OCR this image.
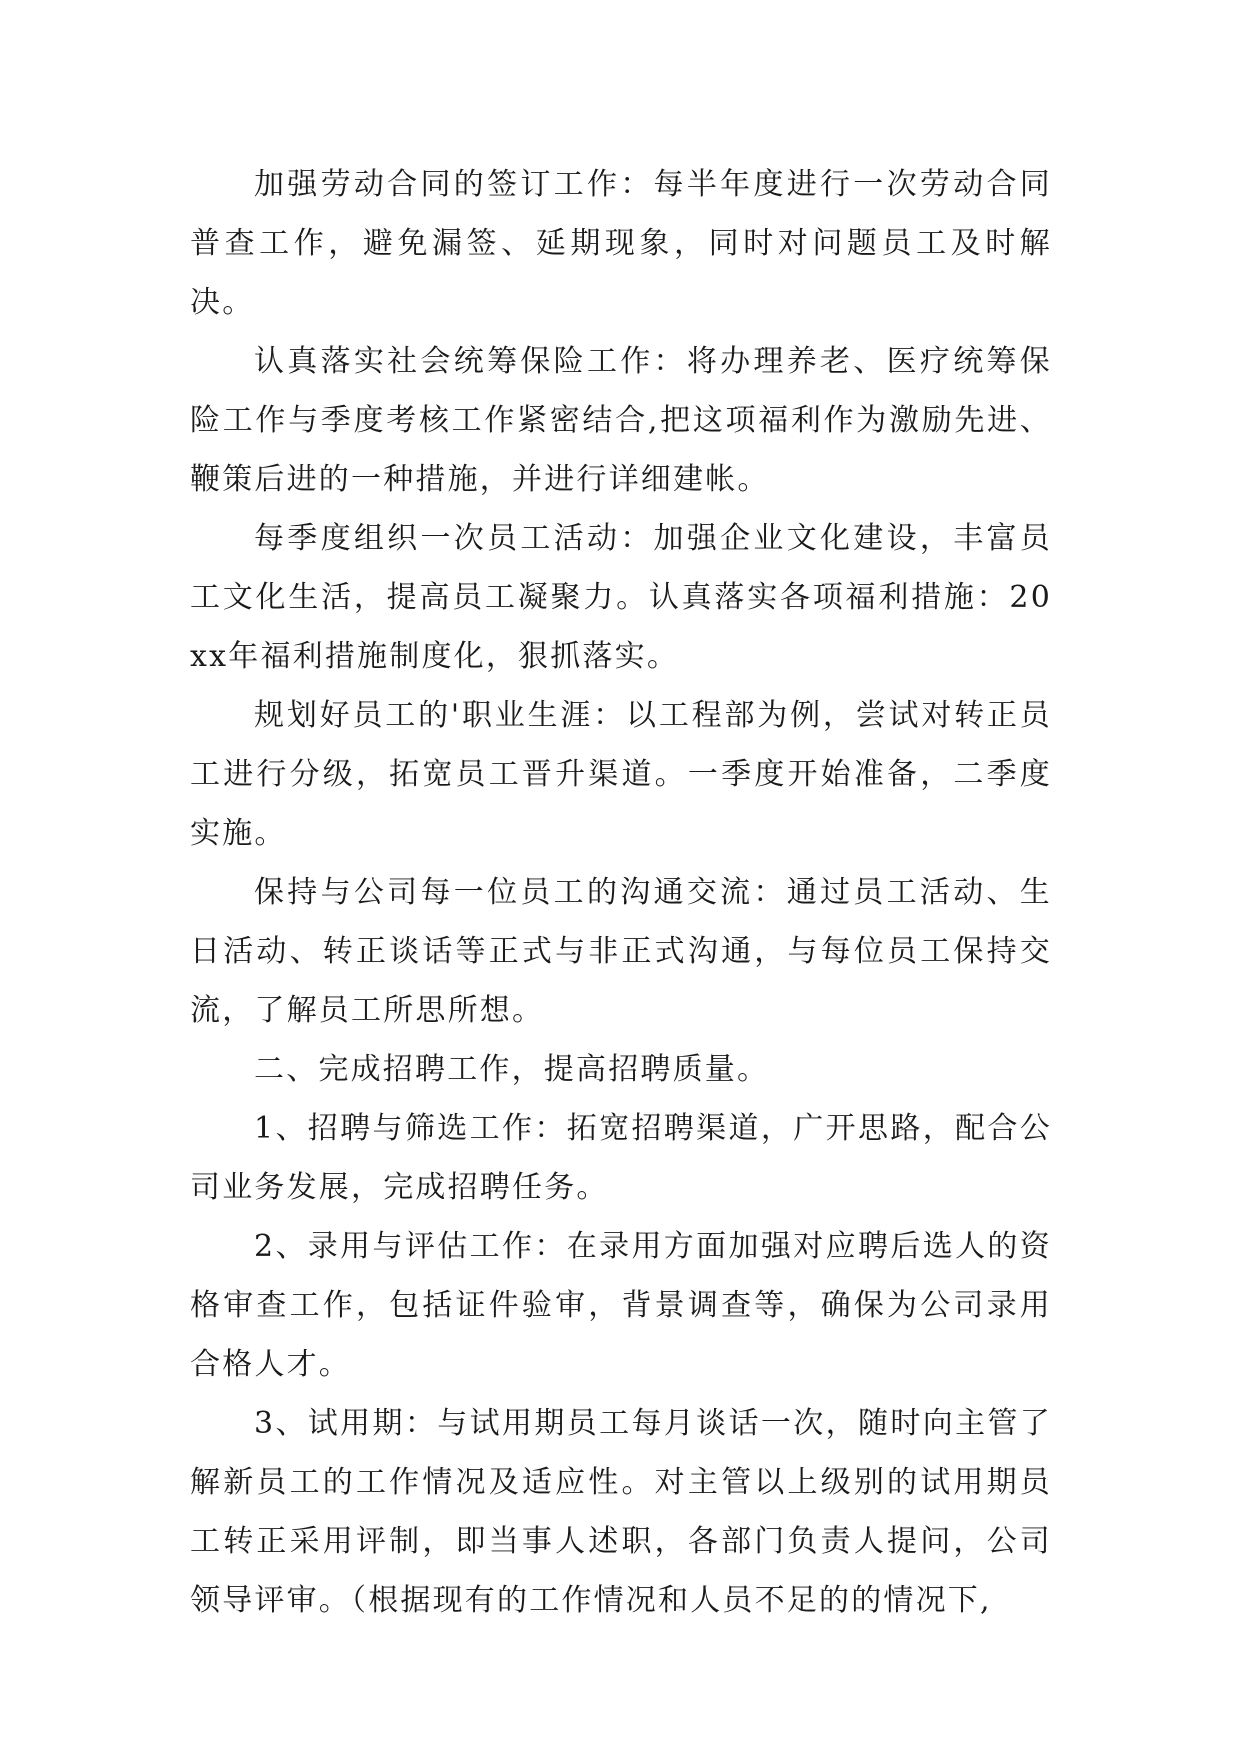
加强劳动合同的签订工作：每半年度进行一次劳动合同普查工作，避免漏签、延期现象，同时对问题员工及时解决。

认真落实社会统筹保险工作：将办理养老、医疗统筹保险工作与季度考核工作紧密结合,把这项福利作为激励先进、鞭策后进的一种措施，并进行详细建帐。

每季度组织一次员工活动：加强企业文化建设，丰富员工文化生活，提高员工凝聚力。认真落实各项福利措施：20xx年福利措施制度化，狠抓落实。

规划好员工的'职业生涯：以工程部为例，尝试对转正员工进行分级，拓宽员工晋升渠道。一季度开始准备，二季度实施。

保持与公司每一位员工的沟通交流：通过员工活动、生日活动、转正谈话等正式与非正式沟通，与每位员工保持交流，了解员工所思所想。

二、完成招聘工作，提高招聘质量。

1、招聘与筛选工作：拓宽招聘渠道，广开思路，配合公司业务发展，完成招聘任务。

2、录用与评估工作：在录用方面加强对应聘后选人的资格审查工作，包括证件验审，背景调查等，确保为公司录用合格人才。

3、试用期：与试用期员工每月谈话一次，随时向主管了解新员工的工作情况及适应性。对主管以上级别的试用期员工转正采用评制，即当事人述职，各部门负责人提问，公司领导评审。（根据现有的工作情况和人员不足的的情况下,
